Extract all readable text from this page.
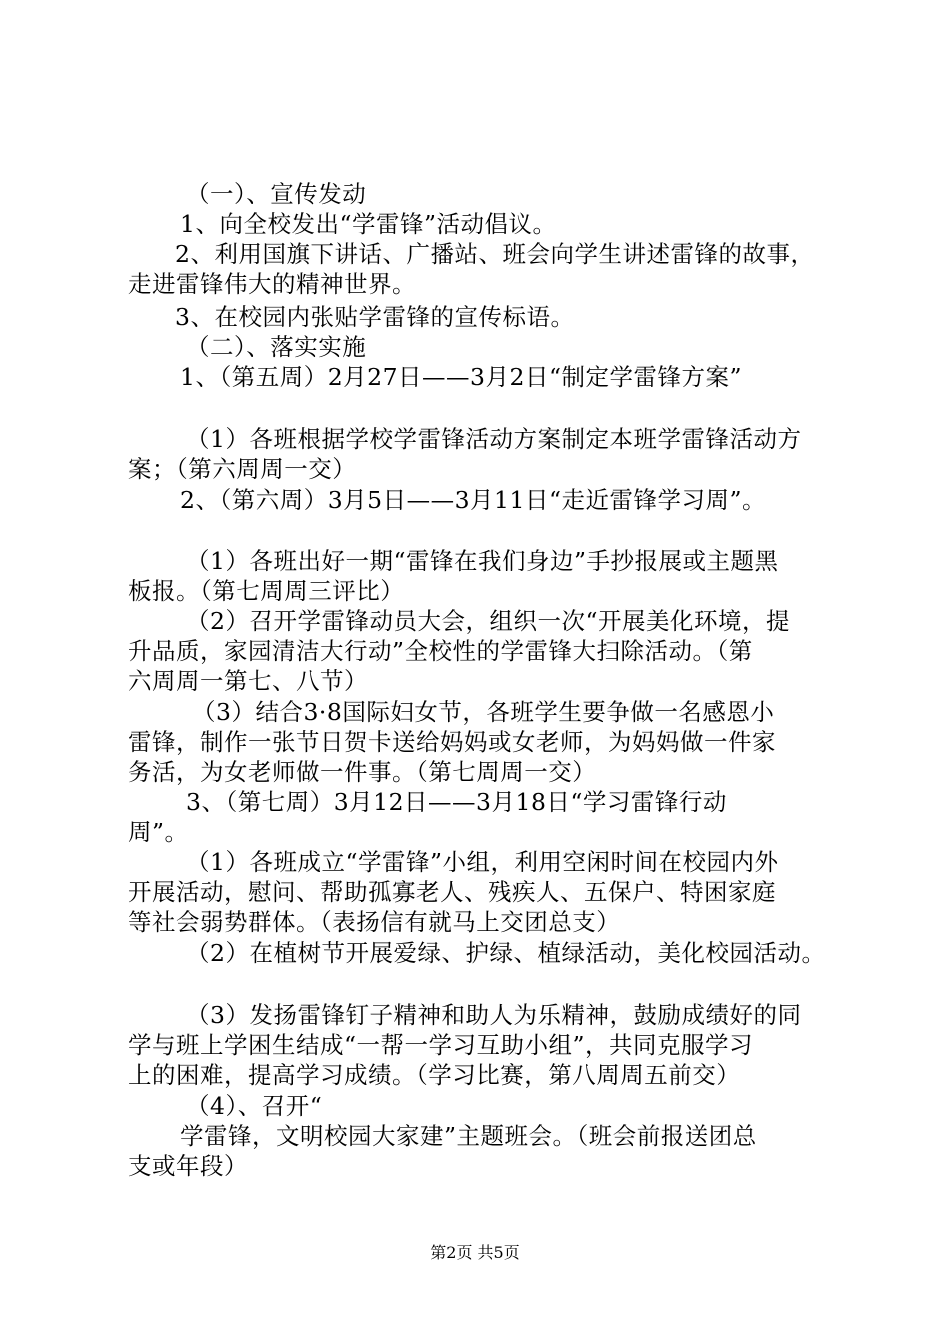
（一）、宣传发动
1、向全校发出“学雷锋”活动倡议。
2、利用国旗下讲话、广播站、班会向学生讲述雷锋的故事，
走进雷锋伟大的精神世界。
3、在校园内张贴学雷锋的宣传标语。
（二）、落实实施
1、（第五周）2月27日——3月2日“制定学雷锋方案”
（1）各班根据学校学雷锋活动方案制定本班学雷锋活动方
案；（第六周周一交）
2、（第六周）3月5日——3月11日“走近雷锋学习周”。
（1）各班出好一期“雷锋在我们身边”手抄报展或主题黑
板报。（第七周周三评比）
（2）召开学雷锋动员大会，组织一次“开展美化环境，提
升品质，家园清洁大行动”全校性的学雷锋大扫除活动。（第
六周周一第七、八节）
（3）结合3·8国际妇女节，各班学生要争做一名感恩小
雷锋，制作一张节日贺卡送给妈妈或女老师，为妈妈做一件家
务活，为女老师做一件事。（第七周周一交）
3、（第七周）3月12日——3月18日“学习雷锋行动
周”。
（1）各班成立“学雷锋”小组，利用空闲时间在校园内外
开展活动，慰问、帮助孤寡老人、残疾人、五保户、特困家庭
等社会弱势群体。（表扬信有就马上交团总支）
（2）在植树节开展爱绿、护绿、植绿活动，美化校园活动。
（3）发扬雷锋钉子精神和助人为乐精神，鼓励成绩好的同
学与班上学困生结成“一帮一学习互助小组”，共同克服学习
上的困难，提高学习成绩。（学习比赛，第八周周五前交）
（4）、召开“
学雷锋，文明校园大家建”主题班会。（班会前报送团总
支或年段）
第2页 共5页
